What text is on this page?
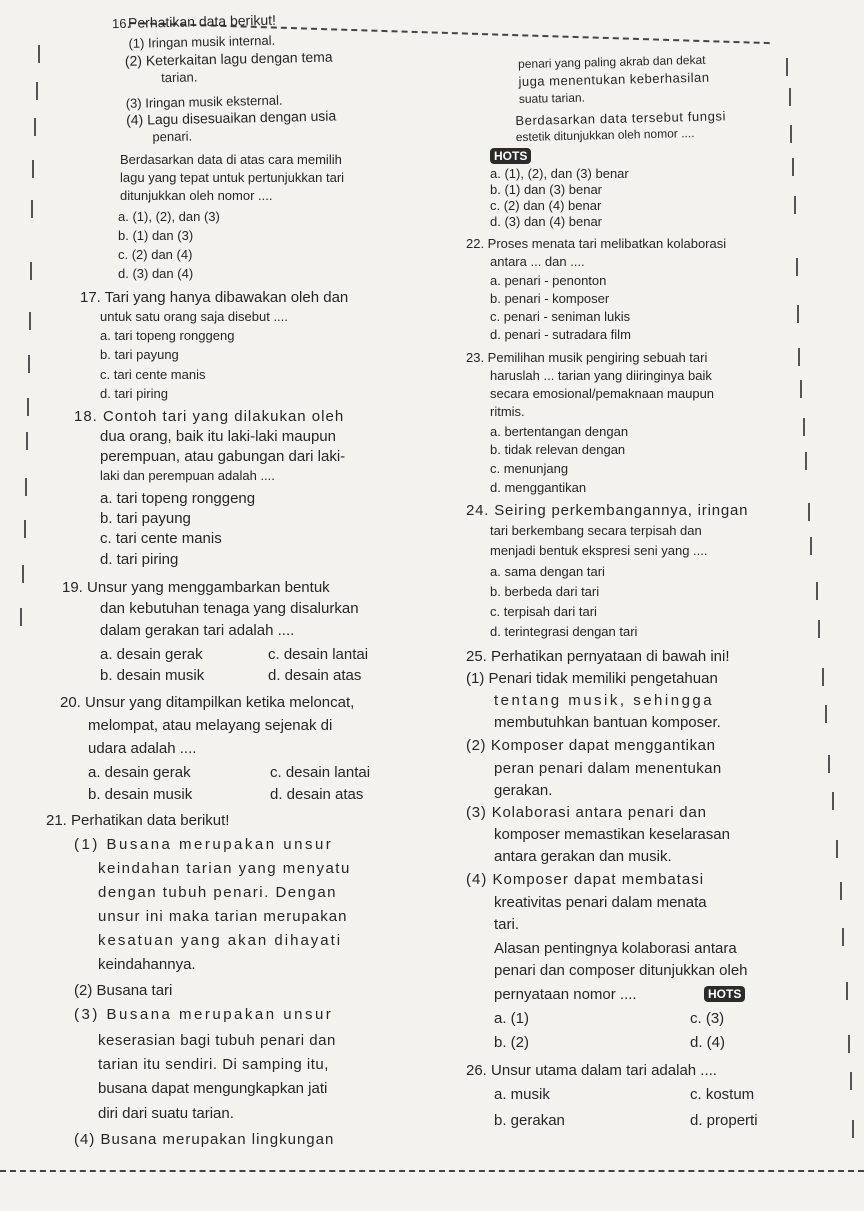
16.
Perhatikan data berikut!
(1) Iringan musik internal.
(2) Keterkaitan lagu dengan tema
tarian.
(3) Iringan musik eksternal.
(4) Lagu disesuaikan dengan usia
penari.
Berdasarkan data di atas cara memilih
lagu yang tepat untuk pertunjukkan tari
ditunjukkan oleh nomor ....
a. (1), (2), dan (3)
b. (1) dan (3)
c. (2) dan (4)
d. (3) dan (4)
17. Tari yang hanya dibawakan oleh dan
untuk satu orang saja disebut ....
a. tari topeng ronggeng
b. tari payung
c. tari cente manis
d. tari piring
18. Contoh tari yang dilakukan oleh
dua orang, baik itu laki-laki maupun
perempuan, atau gabungan dari laki-
laki dan perempuan adalah ....
a. tari topeng ronggeng
b. tari payung
c. tari cente manis
d. tari piring
19. Unsur yang menggambarkan bentuk
dan kebutuhan tenaga yang disalurkan
dalam gerakan tari adalah ....
a. desain gerak	c. desain lantai
b. desain musik	d. desain atas
20. Unsur yang ditampilkan ketika meloncat,
melompat, atau melayang sejenak di
udara adalah ....
a. desain gerak	c. desain lantai
b. desain musik	d. desain atas
21. Perhatikan data berikut!
(1) Busana merupakan unsur
keindahan tarian yang menyatu
dengan tubuh penari. Dengan
unsur ini maka tarian merupakan
kesatuan yang akan dihayati
keindahannya.
(2) Busana tari
(3) Busana merupakan unsur
keserasian bagi tubuh penari dan
tarian itu sendiri. Di samping itu,
busana dapat mengungkapkan jati
diri dari suatu tarian.
(4) Busana merupakan lingkungan
penari yang paling akrab dan dekat
juga menentukan keberhasilan
suatu tarian.
Berdasarkan data tersebut fungsi
estetik ditunjukkan oleh nomor ....
HOTS
a. (1), (2), dan (3) benar
b. (1) dan (3) benar
c. (2) dan (4) benar
d. (3) dan (4) benar
22. Proses menata tari melibatkan kolaborasi
antara ... dan ....
a. penari - penonton
b. penari - komposer
c. penari - seniman lukis
d. penari - sutradara film
23. Pemilihan musik pengiring sebuah tari
haruslah ... tarian yang diiringinya baik
secara emosional/pemaknaan maupun
ritmis.
a. bertentangan dengan
b. tidak relevan dengan
c. menunjang
d. menggantikan
24. Seiring perkembangannya, iringan
tari berkembang secara terpisah dan
menjadi bentuk ekspresi seni yang ....
a. sama dengan tari
b. berbeda dari tari
c. terpisah dari tari
d. terintegrasi dengan tari
25. Perhatikan pernyataan di bawah ini!
(1) Penari tidak memiliki pengetahuan
tentang musik, sehingga
membutuhkan bantuan komposer.
(2) Komposer dapat menggantikan
peran penari dalam menentukan
gerakan.
(3) Kolaborasi antara penari dan
komposer memastikan keselarasan
antara gerakan dan musik.
(4) Komposer dapat membatasi
kreativitas penari dalam menata
tari.
Alasan pentingnya kolaborasi antara
penari dan composer ditunjukkan oleh
pernyataan nomor ....	HOTS
a. (1)	c. (3)
b. (2)	d. (4)
26. Unsur utama dalam tari adalah ....
a. musik	c. kostum
b. gerakan	d. properti
